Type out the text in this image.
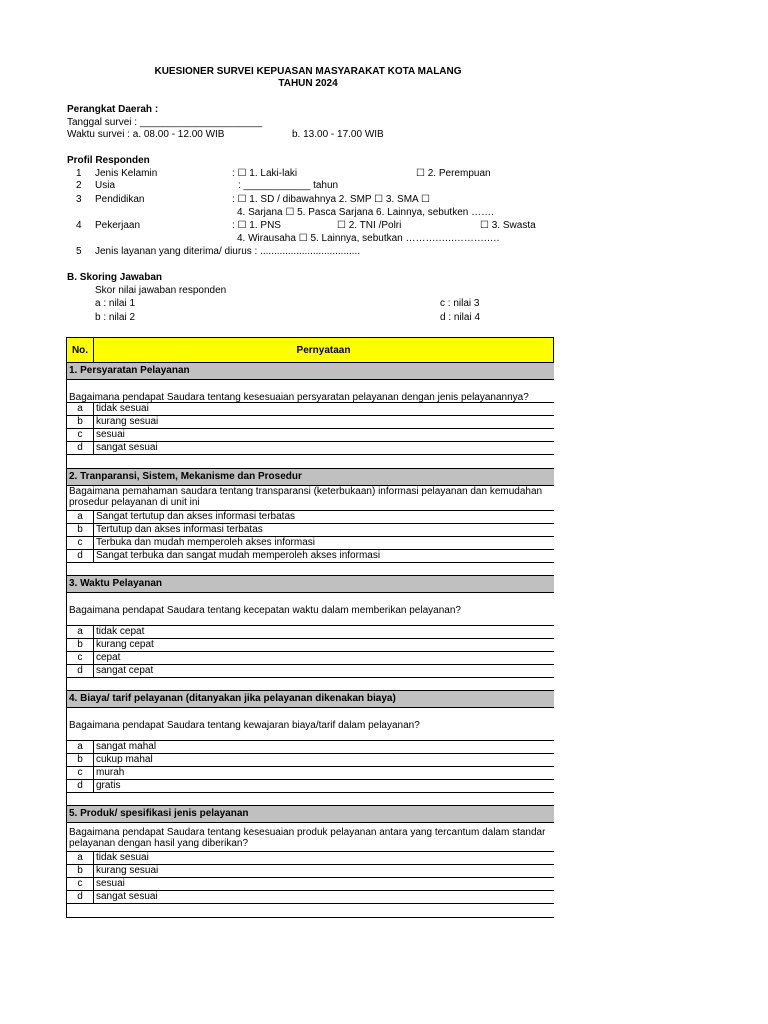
KUESIONER SURVEI KEPUASAN MASYARAKAT KOTA MALANG
TAHUN 2024
Perangkat Daerah :
Tanggal survei : ______________________
Waktu survei : a. 08.00 - 12.00 WIB	b. 13.00 - 17.00 WIB
Profil Responden
1 Jenis Kelamin	: ☐ 1. Laki-laki	☐ 2. Perempuan
2 Usia	: ____________ tahun
3 Pendidikan	: ☐ 1. SD / dibawahnya 2. SMP ☐ 3. SMA ☐
4. Sarjana ☐ 5. Pasca Sarjana 6. Lainnya, sebutken …….
4 Pekerjaan	: ☐ 1. PNS	☐ 2. TNI /Polri	☐ 3. Swasta
4. Wirausaha ☐ 5. Lainnya, sebutkan ……….…..……….….
5 Jenis layanan yang diterima/ diurus : ....................................
B. Skoring Jawaban
Skor nilai jawaban responden
a : nilai 1	c : nilai 3
b : nilai 2	d : nilai 4
No.	Pernyataan
1. Persyaratan Pelayanan
Bagaimana pendapat Saudara tentang kesesuaian persyaratan pelayanan dengan jenis pelayanannya?
a	tidak sesuai
b	kurang sesuai
c	sesuai
d	sangat sesuai
2. Tranparansi, Sistem, Mekanisme dan Prosedur
Bagaimana pemahaman saudara tentang transparansi (keterbukaan) informasi pelayanan dan kemudahan prosedur pelayanan di unit ini
a	Sangat tertutup dan akses informasi terbatas
b	Tertutup dan akses informasi terbatas
c	Terbuka dan mudah memperoleh akses informasi
d	Sangat terbuka dan sangat mudah memperoleh akses informasi
3. Waktu Pelayanan
Bagaimana pendapat Saudara tentang kecepatan waktu dalam memberikan pelayanan?
a	tidak cepat
b	kurang cepat
c	cepat
d	sangat cepat
4. Biaya/ tarif pelayanan (ditanyakan jika pelayanan dikenakan biaya)
Bagaimana pendapat Saudara tentang kewajaran biaya/tarif dalam pelayanan?
a	sangat mahal
b	cukup mahal
c	murah
d	gratis
5. Produk/ spesifikasi jenis pelayanan
Bagaimana pendapat Saudara tentang kesesuaian produk pelayanan antara yang tercantum dalam standar pelayanan dengan hasil yang diberikan?
a	tidak sesuai
b	kurang sesuai
c	sesuai
d	sangat sesuai
